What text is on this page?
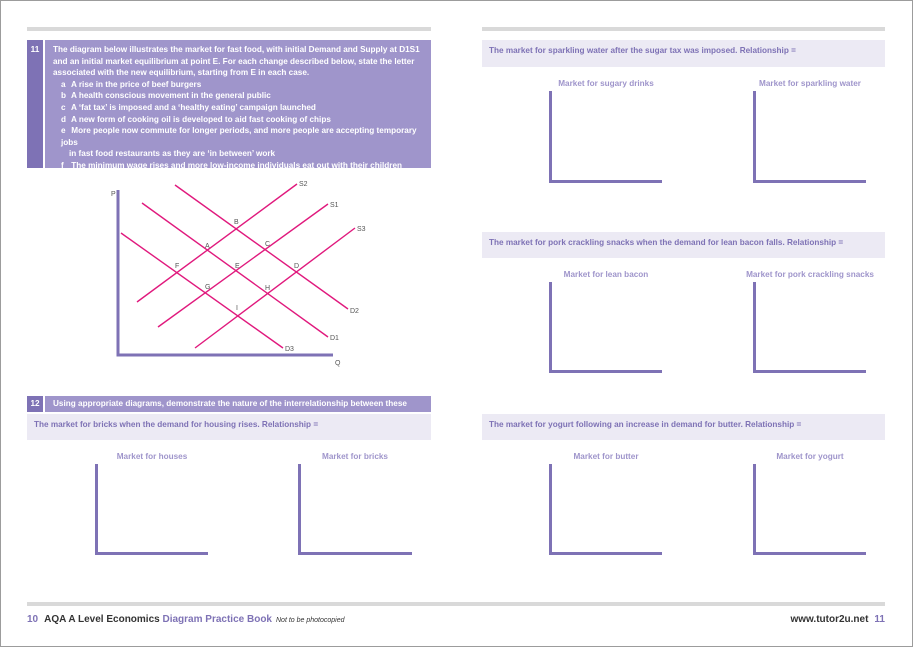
11	The diagram below illustrates the market for fast food, with initial Demand and Supply at D1S1 and an initial market equilibrium at point E. For each change described below, state the letter associated with the new equilibrium, starting from E in each case.
a A rise in the price of beef burgers
b A health conscious movement in the general public
c A ‘fat tax’ is imposed and a ‘healthy eating’ campaign launched
d A new form of cooking oil is developed to aid fast cooking of chips
e More people now commute for longer periods, and more people are accepting temporary jobs
in fast food restaurants as they are ‘in between’ work
f The minimum wage rises and more low-income individuals eat out with their children
P
Q
S2
S1
S3
D2
D1
D3
A
B
C
D
E
F
G	H
I
12	Using appropriate diagrams, demonstrate the nature of the interrelationship between these
The market for bricks when the demand for housing rises. Relationship =
Market for houses	Market for bricks
The market for sparkling water after the sugar tax was imposed. Relationship =
Market for sugary drinks	Market for sparkling water
The market for pork crackling snacks when the demand for lean bacon falls. Relationship =
Market for lean bacon	Market for pork crackling snacks
The market for yogurt following an increase in demand for butter. Relationship =
Market for butter	Market for yogurt
10 AQA A Level Economics Diagram Practice Book Not to be photocopied	www.tutor2u.net 11
